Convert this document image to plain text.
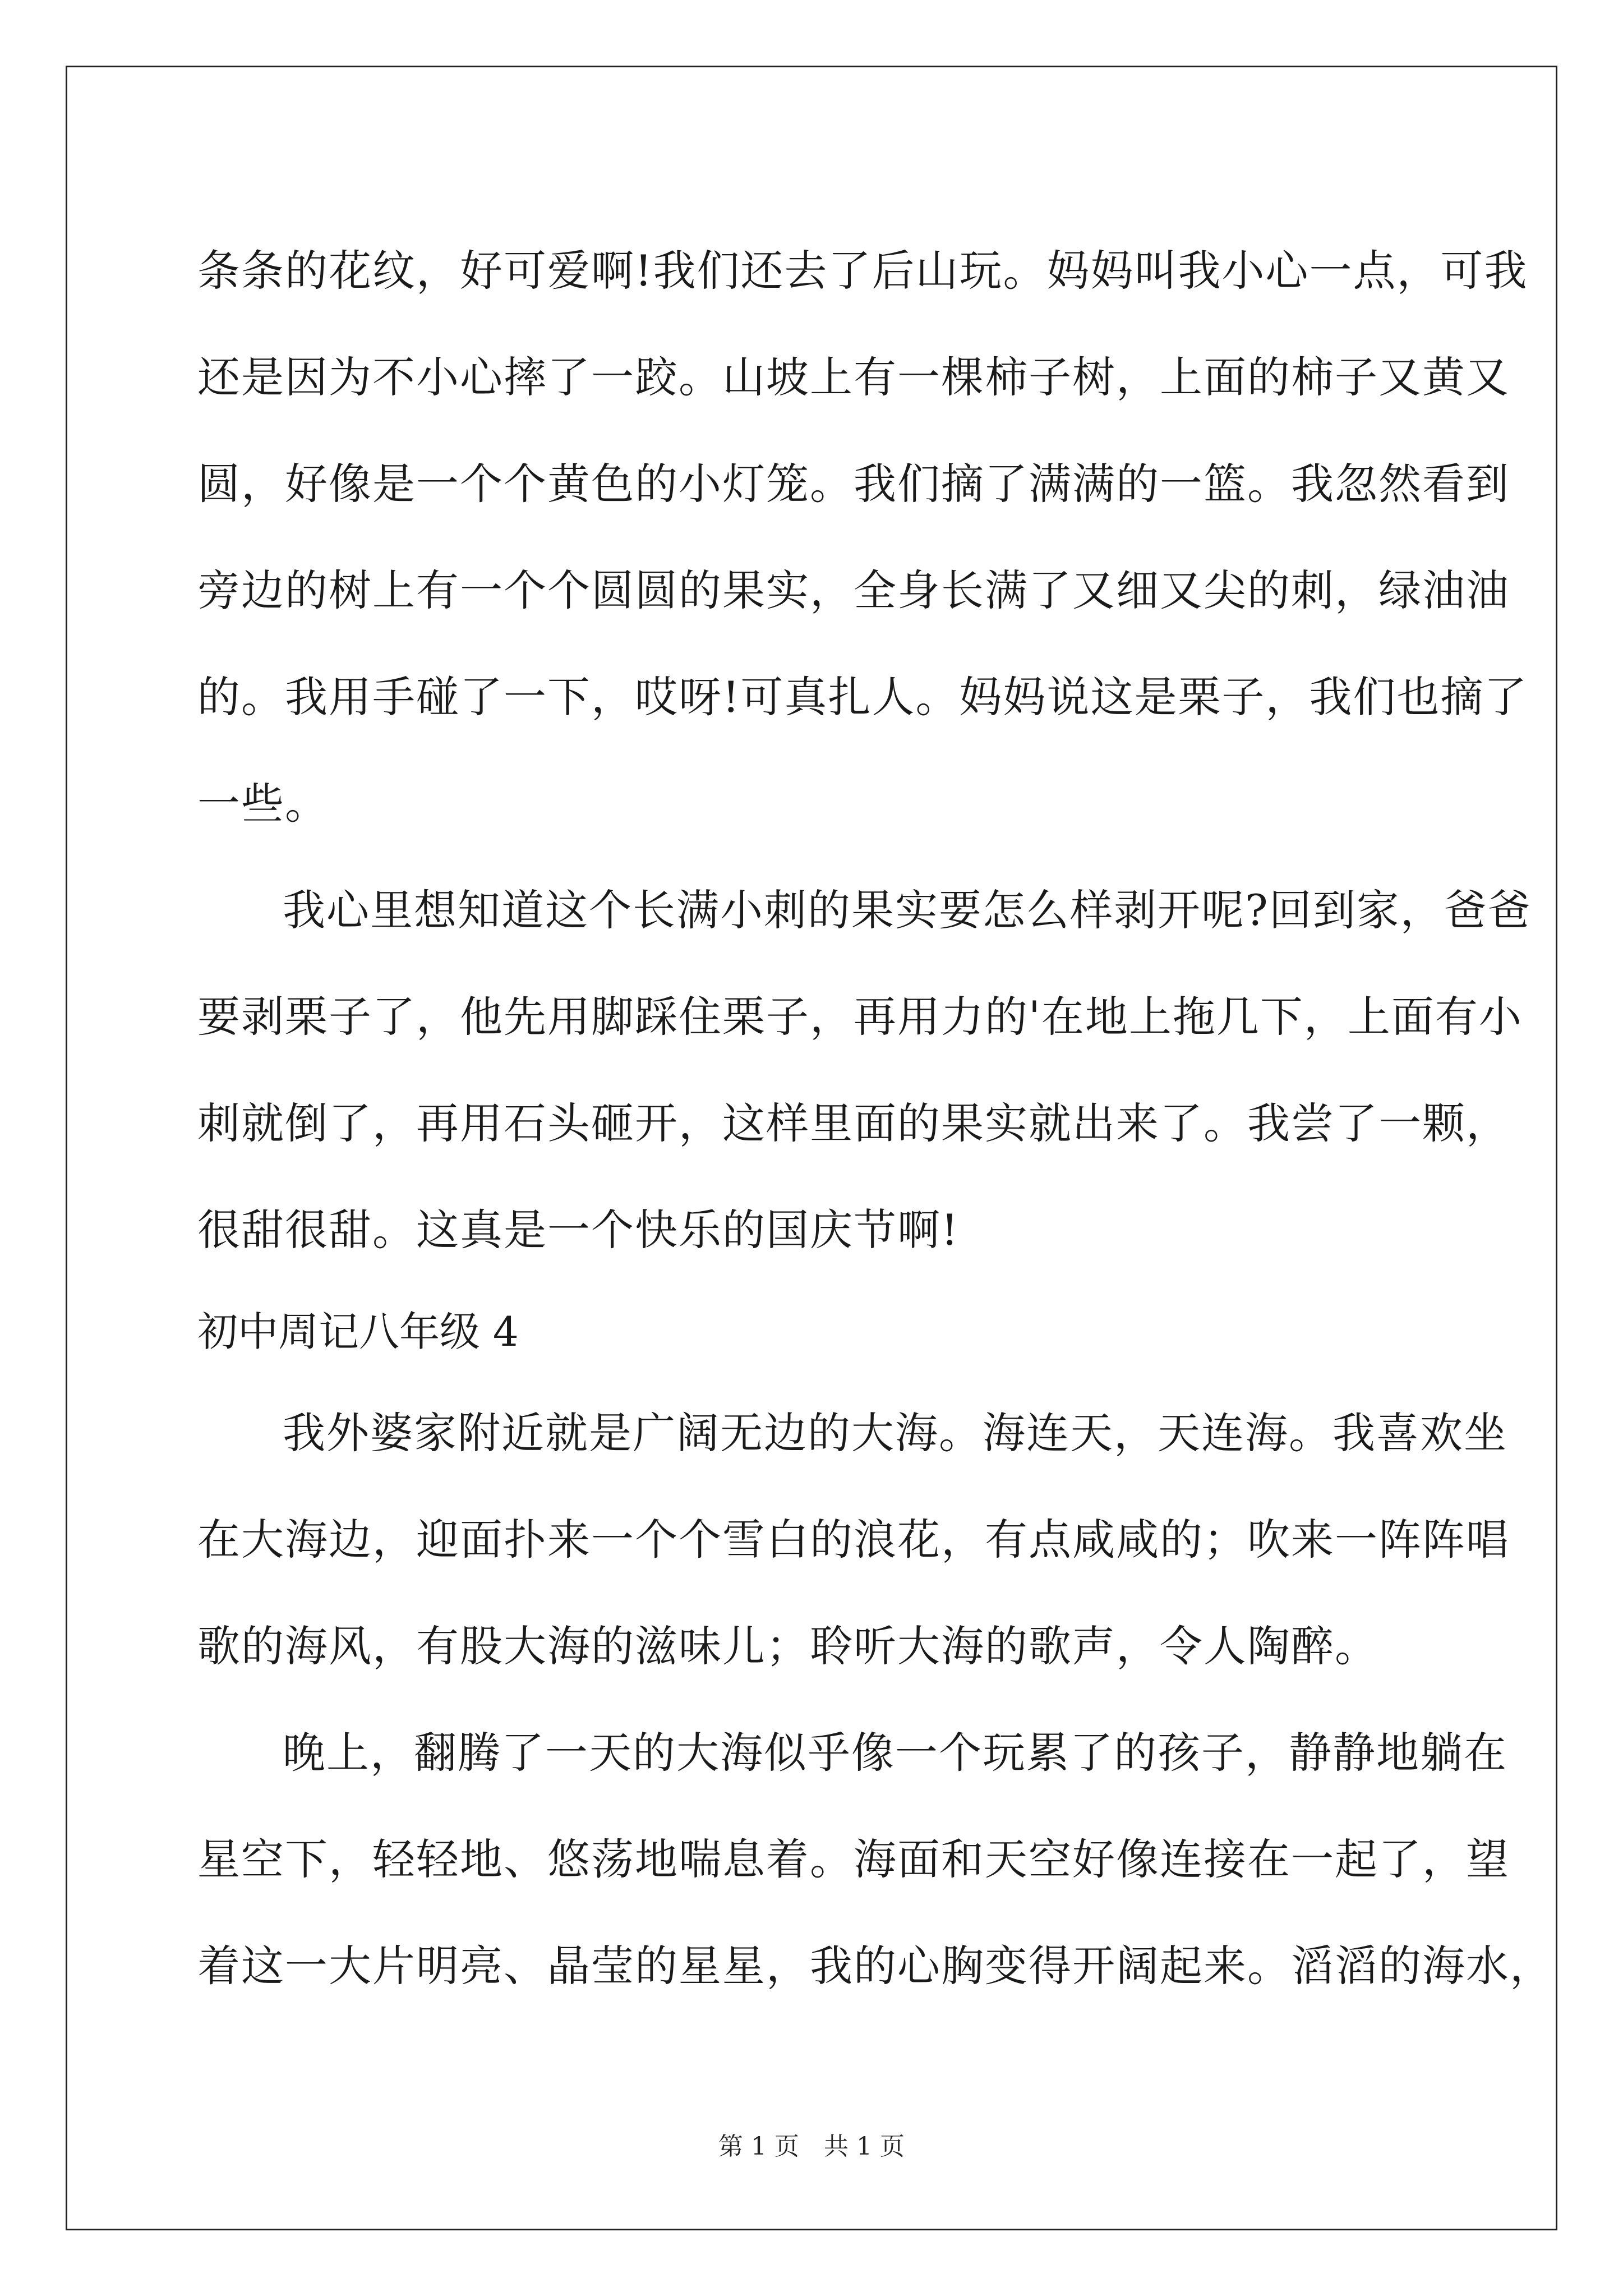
条条的花纹，好可爱啊!我们还去了后山玩。妈妈叫我小心一点，可我
还是因为不小心摔了一跤。山坡上有一棵柿子树，上面的柿子又黄又
圆，好像是一个个黄色的小灯笼。我们摘了满满的一篮。我忽然看到
旁边的树上有一个个圆圆的果实，全身长满了又细又尖的刺，绿油油
的。我用手碰了一下，哎呀!可真扎人。妈妈说这是栗子，我们也摘了
一些。
我心里想知道这个长满小刺的果实要怎么样剥开呢?回到家，爸爸
要剥栗子了，他先用脚踩住栗子，再用力的'在地上拖几下，上面有小
刺就倒了，再用石头砸开，这样里面的果实就出来了。我尝了一颗，
很甜很甜。这真是一个快乐的国庆节啊!
初中周记八年级 4
我外婆家附近就是广阔无边的大海。海连天，天连海。我喜欢坐
在大海边，迎面扑来一个个雪白的浪花，有点咸咸的；吹来一阵阵唱
歌的海风，有股大海的滋味儿；聆听大海的歌声，令人陶醉。
晚上，翻腾了一天的大海似乎像一个玩累了的孩子，静静地躺在
星空下，轻轻地、悠荡地喘息着。海面和天空好像连接在一起了，望
着这一大片明亮、晶莹的星星，我的心胸变得开阔起来。滔滔的海水，
第 1 页　共 1 页
